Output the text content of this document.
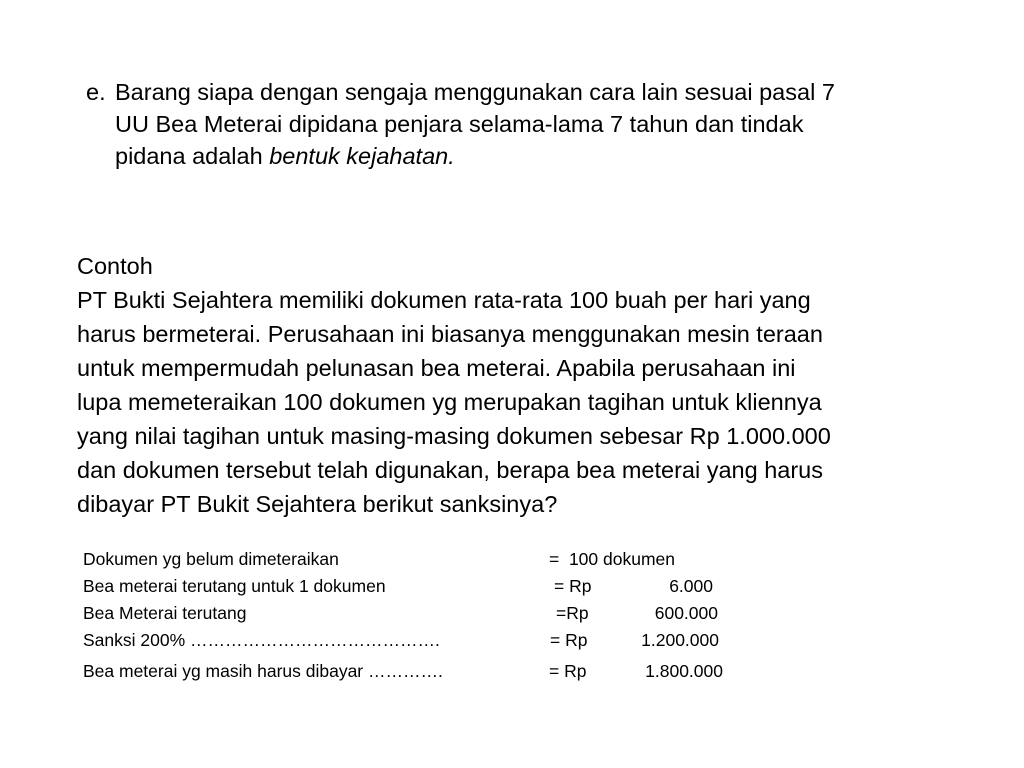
e. Barang siapa dengan sengaja menggunakan cara lain sesuai pasal 7
UU Bea Meterai dipidana penjara selama-lama 7 tahun dan tindak
pidana adalah bentuk kejahatan.
Contoh
PT Bukti Sejahtera memiliki dokumen rata-rata 100 buah per hari yang
harus bermeterai. Perusahaan ini biasanya menggunakan mesin teraan
untuk mempermudah pelunasan bea meterai. Apabila perusahaan ini
lupa memeteraikan 100 dokumen yg merupakan tagihan untuk kliennya
yang nilai tagihan untuk masing-masing dokumen sebesar Rp 1.000.000
dan dokumen tersebut telah digunakan, berapa bea meterai yang harus
dibayar PT Bukit Sejahtera berikut sanksinya?
Dokumen yg belum dimeteraikan	=  100 dokumen
Bea meterai terutang untuk 1 dokumen	= Rp	6.000
Bea Meterai terutang	=Rp	600.000
Sanksi 200% …………………………………….	= Rp	1.200.000
Bea meterai yg masih harus dibayar ………….	= Rp	1.800.000
